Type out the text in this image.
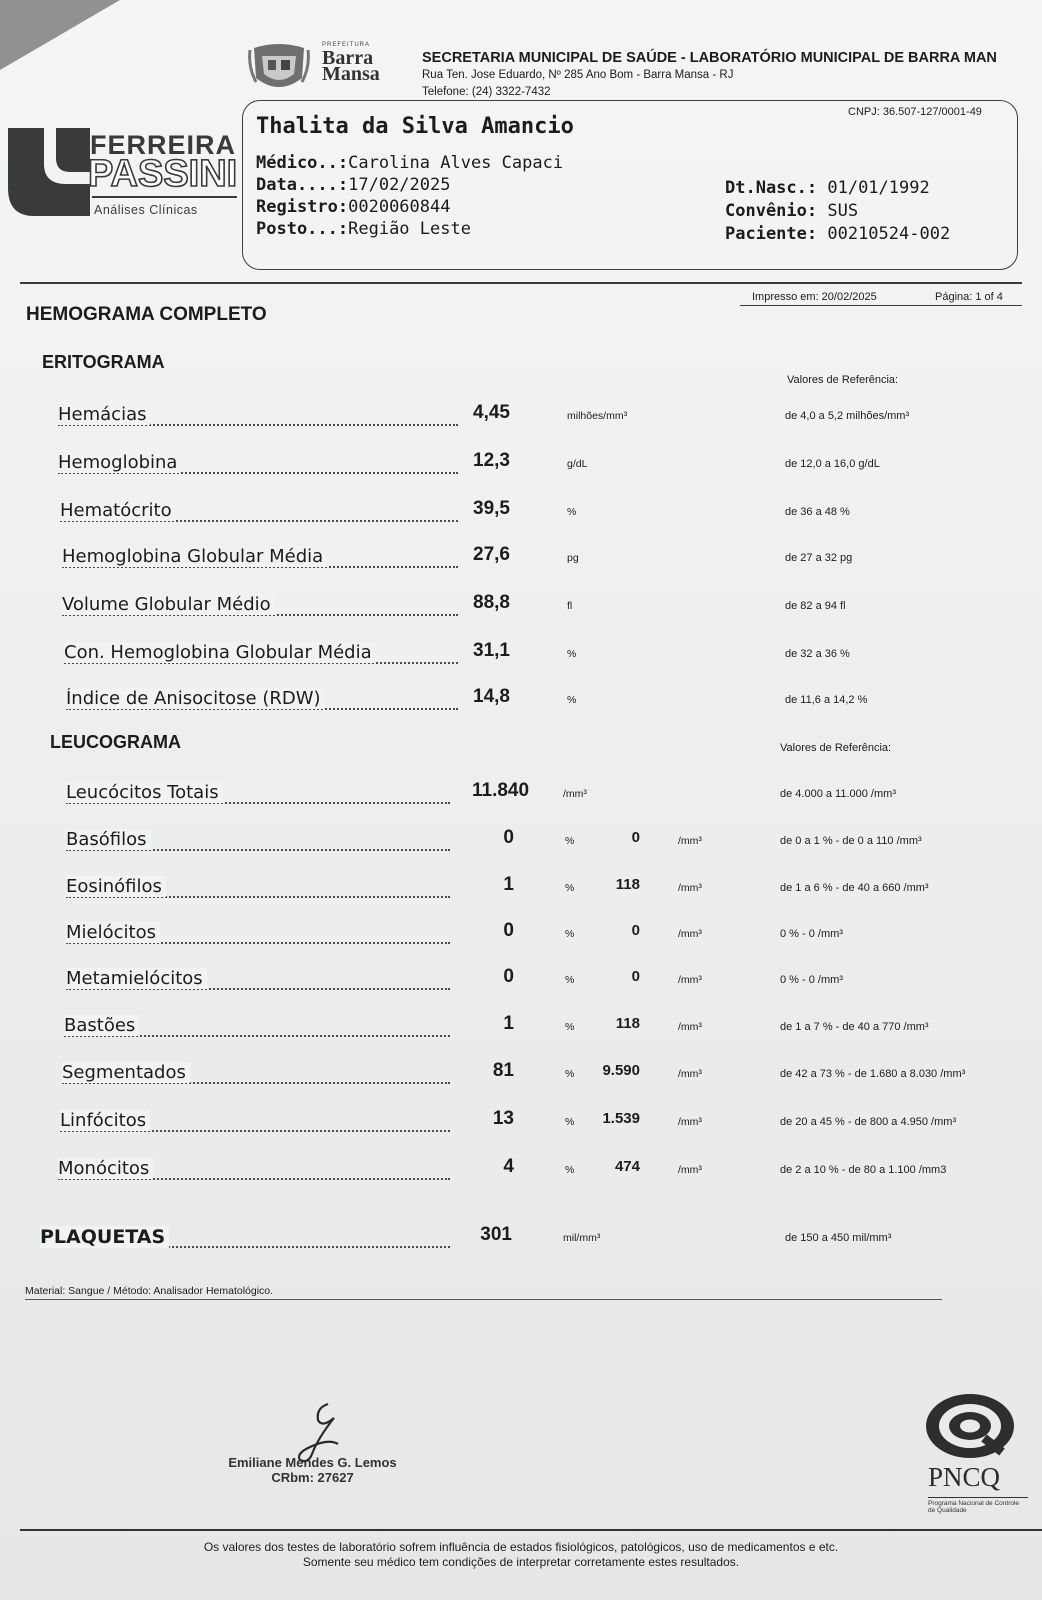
PREFEITURA
Barra
Mansa
SECRETARIA MUNICIPAL DE SAÚDE - LABORATÓRIO MUNICIPAL DE BARRA MAN
Rua Ten. Jose Eduardo, Nº 285 Ano Bom - Barra Mansa - RJ
Telefone: (24) 3322-7432
CNPJ: 36.507-127/0001-49
FERREIRA
PASSINI
Análises Clínicas
Thalita da Silva Amancio
Médico..:Carolina Alves Capaci
Data....:17/02/2025
Registro:0020060844
Posto...:Região Leste
Dt.Nasc.: 01/01/1992
Convênio: SUS
Paciente: 00210524-002
Impresso em: 20/02/2025	Página: 1 of 4
HEMOGRAMA COMPLETO
ERITOGRAMA
Valores de Referência:
Hemácias	4,45	milhões/mm³	de 4,0 a 5,2 milhões/mm³
Hemoglobina	12,3	g/dL	de 12,0 a 16,0 g/dL
Hematócrito	39,5	%	de 36 a 48 %
Hemoglobina Globular Média	27,6	pg	de 27 a 32 pg
Volume Globular Médio	88,8	fl	de 82 a 94 fl
Con. Hemoglobina Globular Média	31,1	%	de 32 a 36 %
Índice de Anisocitose (RDW)	14,8	%	de 11,6 a 14,2 %
LEUCOGRAMA	Valores de Referência:
Leucócitos Totais	11.840	/mm³	de 4.000 a 11.000 /mm³
Basófilos	0	%	0	/mm³	de 0 a 1 % - de 0 a 110 /mm³
Eosinófilos	1	%	118	/mm³	de 1 a 6 % - de 40 a 660 /mm³
Mielócitos	0	%	0	/mm³	0 % - 0 /mm³
Metamielócitos	0	%	0	/mm³	0 % - 0 /mm³
Bastões	1	%	118	/mm³	de 1 a 7 % - de 40 a 770 /mm³
Segmentados	81	%	9.590	/mm³	de 42 a 73 % - de 1.680 a 8.030 /mm³
Linfócitos	13	%	1.539	/mm³	de 20 a 45 % - de 800 a 4.950 /mm³
Monócitos	4	%	474	/mm³	de 2 a 10 % - de 80 a 1.100 /mm3
PLAQUETAS	301	mil/mm³	de 150 a 450 mil/mm³
Material: Sangue / Método: Analisador Hematológico.
Emiliane Mendes G. Lemos
CRbm: 27627	PNCQ
Programa Nacional de Controle de Qualidade
Os valores dos testes de laboratório sofrem influência de estados fisiológicos, patológicos, uso de medicamentos e etc.
Somente seu médico tem condições de interpretar corretamente estes resultados.
